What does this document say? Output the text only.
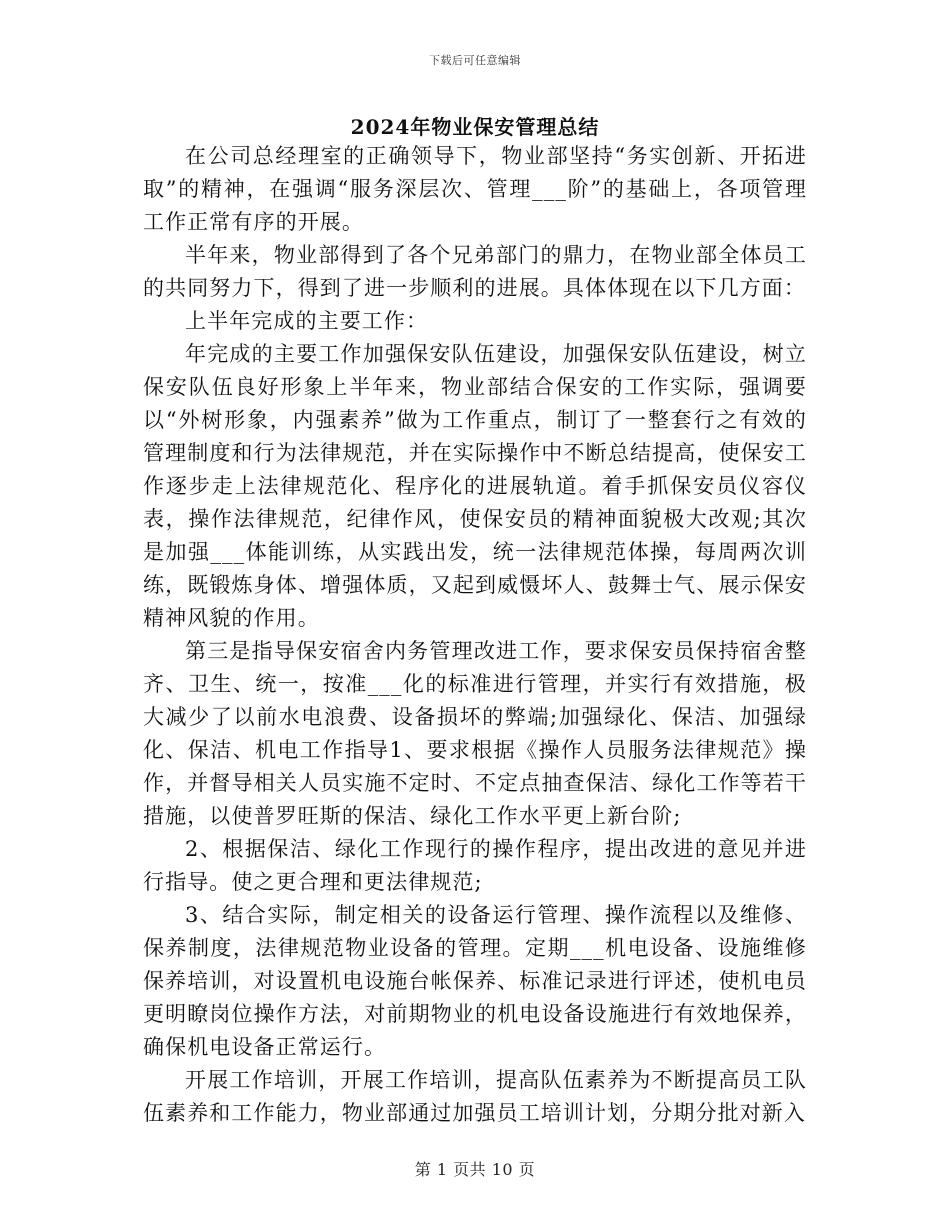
下载后可任意编辑
2024年物业保安管理总结

在公司总经理室的正确领导下，物业部坚持“务实创新、开拓进取”的精神，在强调“服务深层次、管理___阶”的基础上，各项管理工作正常有序的开展。

半年来，物业部得到了各个兄弟部门的鼎力，在物业部全体员工的共同努力下，得到了进一步顺利的进展。具体体现在以下几方面：

上半年完成的主要工作：

年完成的主要工作加强保安队伍建设，加强保安队伍建设，树立保安队伍良好形象上半年来，物业部结合保安的工作实际，强调要以“外树形象，内强素养”做为工作重点，制订了一整套行之有效的管理制度和行为法律规范，并在实际操作中不断总结提高，使保安工作逐步走上法律规范化、程序化的进展轨道。着手抓保安员仪容仪表，操作法律规范，纪律作风，使保安员的精神面貌极大改观;其次是加强___体能训练，从实践出发，统一法律规范体操，每周两次训练，既锻炼身体、增强体质，又起到威慑坏人、鼓舞士气、展示保安精神风貌的作用。

第三是指导保安宿舍内务管理改进工作，要求保安员保持宿舍整齐、卫生、统一，按准___化的标准进行管理，并实行有效措施，极大减少了以前水电浪费、设备损坏的弊端;加强绿化、保洁、加强绿化、保洁、机电工作指导1、要求根据《操作人员服务法律规范》操作，并督导相关人员实施不定时、不定点抽查保洁、绿化工作等若干措施，以使普罗旺斯的保洁、绿化工作水平更上新台阶;

2、根据保洁、绿化工作现行的操作程序，提出改进的意见并进行指导。使之更合理和更法律规范;

3、结合实际，制定相关的设备运行管理、操作流程以及维修、保养制度，法律规范物业设备的管理。定期___机电设备、设施维修保养培训，对设置机电设施台帐保养、标准记录进行评述，使机电员更明瞭岗位操作方法，对前期物业的机电设备设施进行有效地保养，确保机电设备正常运行。

开展工作培训，开展工作培训，提高队伍素养为不断提高员工队伍素养和工作能力，物业部通过加强员工培训计划，分期分批对新入

第 1 页共 10 页
